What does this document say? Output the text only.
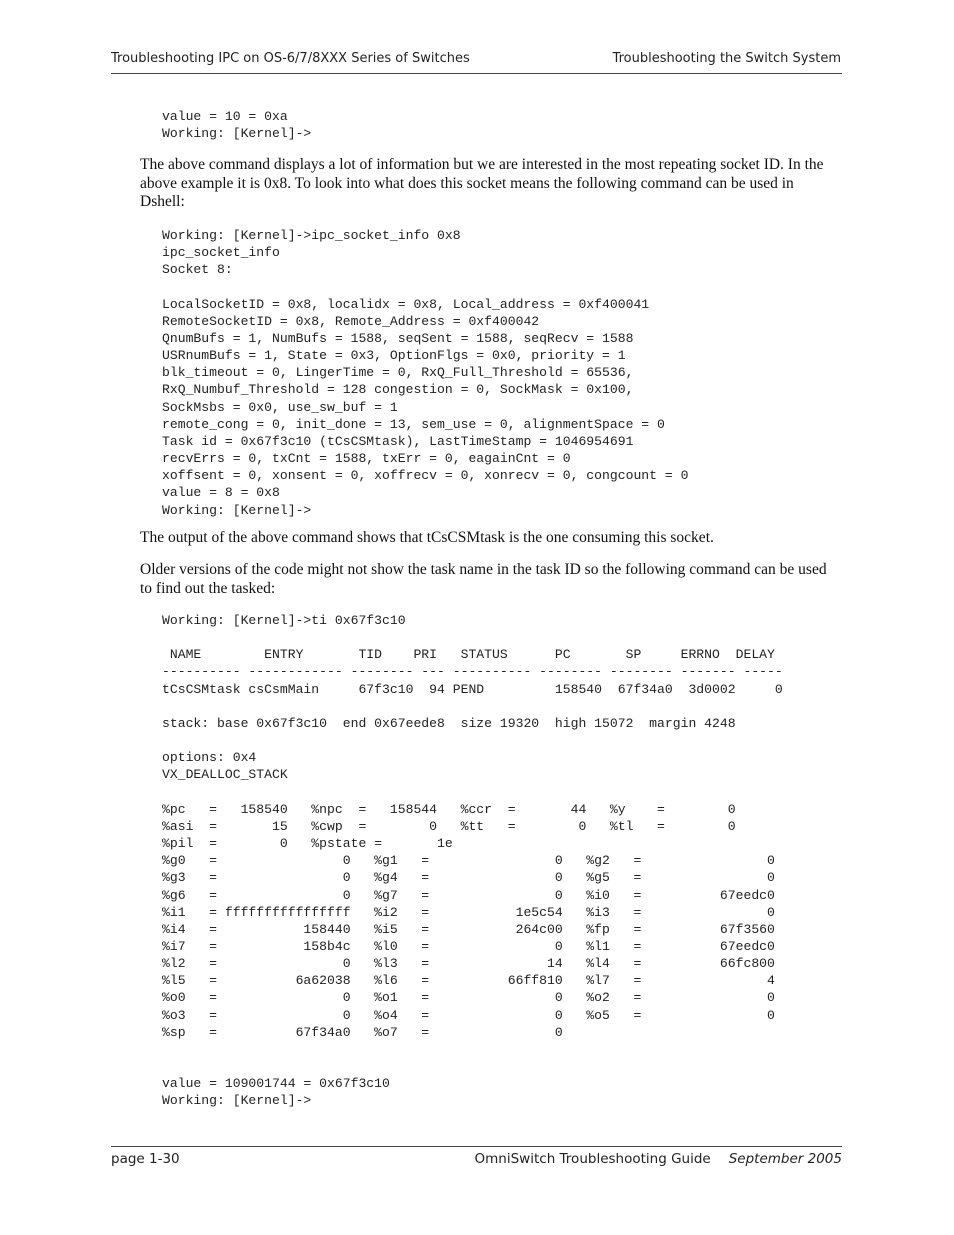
Troubleshooting IPC on OS-6/7/8XXX Series of Switches	Troubleshooting the Switch System
value = 10 = 0xa
Working: [Kernel]->

The above command displays a lot of information but we are interested in the most repeating socket ID. In the above example it is 0x8. To look into what does this socket means the following command can be used in Dshell:

Working: [Kernel]->ipc_socket_info 0x8
ipc_socket_info
Socket 8:

LocalSocketID = 0x8, localidx = 0x8, Local_address = 0xf400041
RemoteSocketID = 0x8, Remote_Address = 0xf400042
QnumBufs = 1, NumBufs = 1588, seqSent = 1588, seqRecv = 1588
USRnumBufs = 1, State = 0x3, OptionFlgs = 0x0, priority = 1
blk_timeout = 0, LingerTime = 0, RxQ_Full_Threshold = 65536,
RxQ_Numbuf_Threshold = 128 congestion = 0, SockMask = 0x100,
SockMsbs = 0x0, use_sw_buf = 1
remote_cong = 0, init_done = 13, sem_use = 0, alignmentSpace = 0
Task id = 0x67f3c10 (tCsCSMtask), LastTimeStamp = 1046954691
recvErrs = 0, txCnt = 1588, txErr = 0, eagainCnt = 0
xoffsent = 0, xonsent = 0, xoffrecv = 0, xonrecv = 0, congcount = 0
value = 8 = 0x8
Working: [Kernel]->

The output of the above command shows that tCsCSMtask is the one consuming this socket.

Older versions of the code might not show the task name in the task ID so the following command can be used to find out the tasked:

Working: [Kernel]->ti 0x67f3c10

NAME        ENTRY       TID    PRI   STATUS      PC       SP     ERRNO  DELAY
---------- ------------ -------- --- ---------- -------- -------- ------- -----
tCsCSMtask csCsmMain     67f3c10  94 PEND         158540  67f34a0  3d0002     0

stack: base 0x67f3c10  end 0x67eede8  size 19320  high 15072  margin 4248

options: 0x4
VX_DEALLOC_STACK

%pc   =   158540   %npc  =   158544   %ccr  =       44   %y    =        0
%asi  =       15   %cwp  =        0   %tt   =        0   %tl   =        0
%pil  =        0   %pstate =       1e
%g0   =                0   %g1   =                0   %g2   =                0
%g3   =                0   %g4   =                0   %g5   =                0
%g6   =                0   %g7   =                0   %i0   =          67eedc0
%i1   = ffffffffffffffff   %i2   =           1e5c54   %i3   =                0
%i4   =           158440   %i5   =           264c00   %fp   =          67f3560
%i7   =           158b4c   %l0   =                0   %l1   =          67eedc0
%l2   =                0   %l3   =               14   %l4   =          66fc800
%l5   =          6a62038   %l6   =          66ff810   %l7   =                4
%o0   =                0   %o1   =                0   %o2   =                0
%o3   =                0   %o4   =                0   %o5   =                0
%sp   =          67f34a0   %o7   =                0

value = 109001744 = 0x67f3c10
Working: [Kernel]->
page 1-30	OmniSwitch Troubleshooting Guide September 2005
